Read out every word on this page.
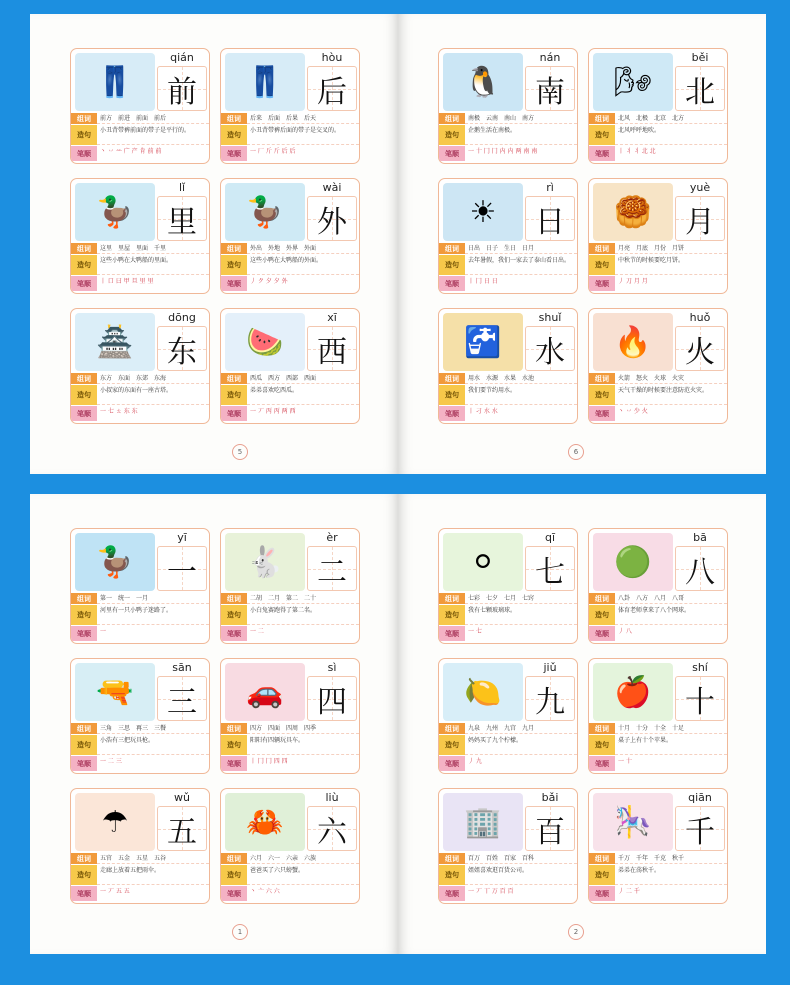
👖
qián
前
组词	前方　前进　前面　前后
造句
小丑背带裤前面的带子是平行的。
笔顺	丶 丷 䒑 广 产 肯 前 前
👖
hòu
后
组词	后来　后面　后果　后天
造句
小丑背带裤后面的带子是交叉的。
笔顺	一 厂 斤 斤 后 后
🦆
lǐ
里
组词	这里　里屋　里面　千里
造句
这些小鸭在大鸭船的里面。
笔顺	丨 口 曰 甲 旦 里 里
🦆
wài
外
组词	外出　外地　外界　外面
造句
这些小鸭在大鸭船的外面。
笔顺	丿 ク 夕 夕 外
🏯
dōng
东
组词	东方　东面　东郊　东海
造句
小叔家的东面有一座古塔。
笔顺	一 七 ㄊ 东 东
🍉
xī
西
组词	西瓜　西方　西部　西面
造句
弟弟喜欢吃西瓜。
笔顺	一 丆 丙 丙 两 西
5
🐧
nán
南
组词	南极　云南　南山　南方
造句
企鹅生活在南极。
笔顺	一 十 冂 冂 内 内 两 南 南
🌬
běi
北
组词	北风　北极　北京　北方
造句
北风呼呼地吹。
笔顺	丨 丬 丬 北 北
☀
rì
日
组词	日出　日子　生日　日月
造句
去年暑假，我们一家去了泰山看日出。
笔顺	丨 冂 日 日
🥮
yuè
月
组词	月亮　月底　月份　月饼
造句
中秋节的时候要吃月饼。
笔顺	丿 刀 月 月
🚰
shuǐ
水
组词	用水　水源　水果　水池
造句
我们要节约用水。
笔顺	丨 刁 水 水
🔥
huǒ
火
组词	火箭　怒火　火球　火灾
造句
天气干燥的时候要注意防范火灾。
笔顺	丶 丷 少 火
6
🦆
yī
一
组词	第一　统一　一月
造句
河里有一只小鸭子迷路了。
笔顺	一
🐇
èr
二
组词	二胡　二月　第二　二十
造句
小白兔赛跑得了第二名。
笔顺	一 二
🔫
sān
三
组词	三角　三思　再三　三餐
造句
小浩有三把玩具枪。
笔顺	一 二 三
🚗
sì
四
组词	四方　四面　四周　四季
造句
阳阳有四辆玩具车。
笔顺	丨 冂 冂 四 四
☂
wǔ
五
组词	五官　五金　五星　五谷
造句
走廊上放着五把雨伞。
笔顺	一 丆 五 五
🦀
liù
六
组词	六月　六一　六亲　六族
造句
爸爸买了六只螃蟹。
笔顺	丶 亠 六 六
1
⚪
qī
七
组词	七彩　七夕　七月　七窍
造句
我有七颗玻璃球。
笔顺	一 七
🟢
bā
八
组词	八卦　八方　八月　八哥
造句
体育老师拿来了八个网球。
笔顺	丿 八
🍋
jiǔ
九
组词	九泉　九州　九宫　九月
造句
妈妈买了九个柠檬。
笔顺	丿 九
🍎
shí
十
组词	十月　十分　十全　十足
造句
桌子上有十个苹果。
笔顺	一 十
🏢
bǎi
百
组词	百万　百姓　百家　百科
造句
姐姐喜欢逛百货公司。
笔顺	一 丆 丅 万 百 百
🎠
qiān
千
组词	千万　千年　千克　秋千
造句
弟弟在荡秋千。
笔顺	丿 二 千
2
